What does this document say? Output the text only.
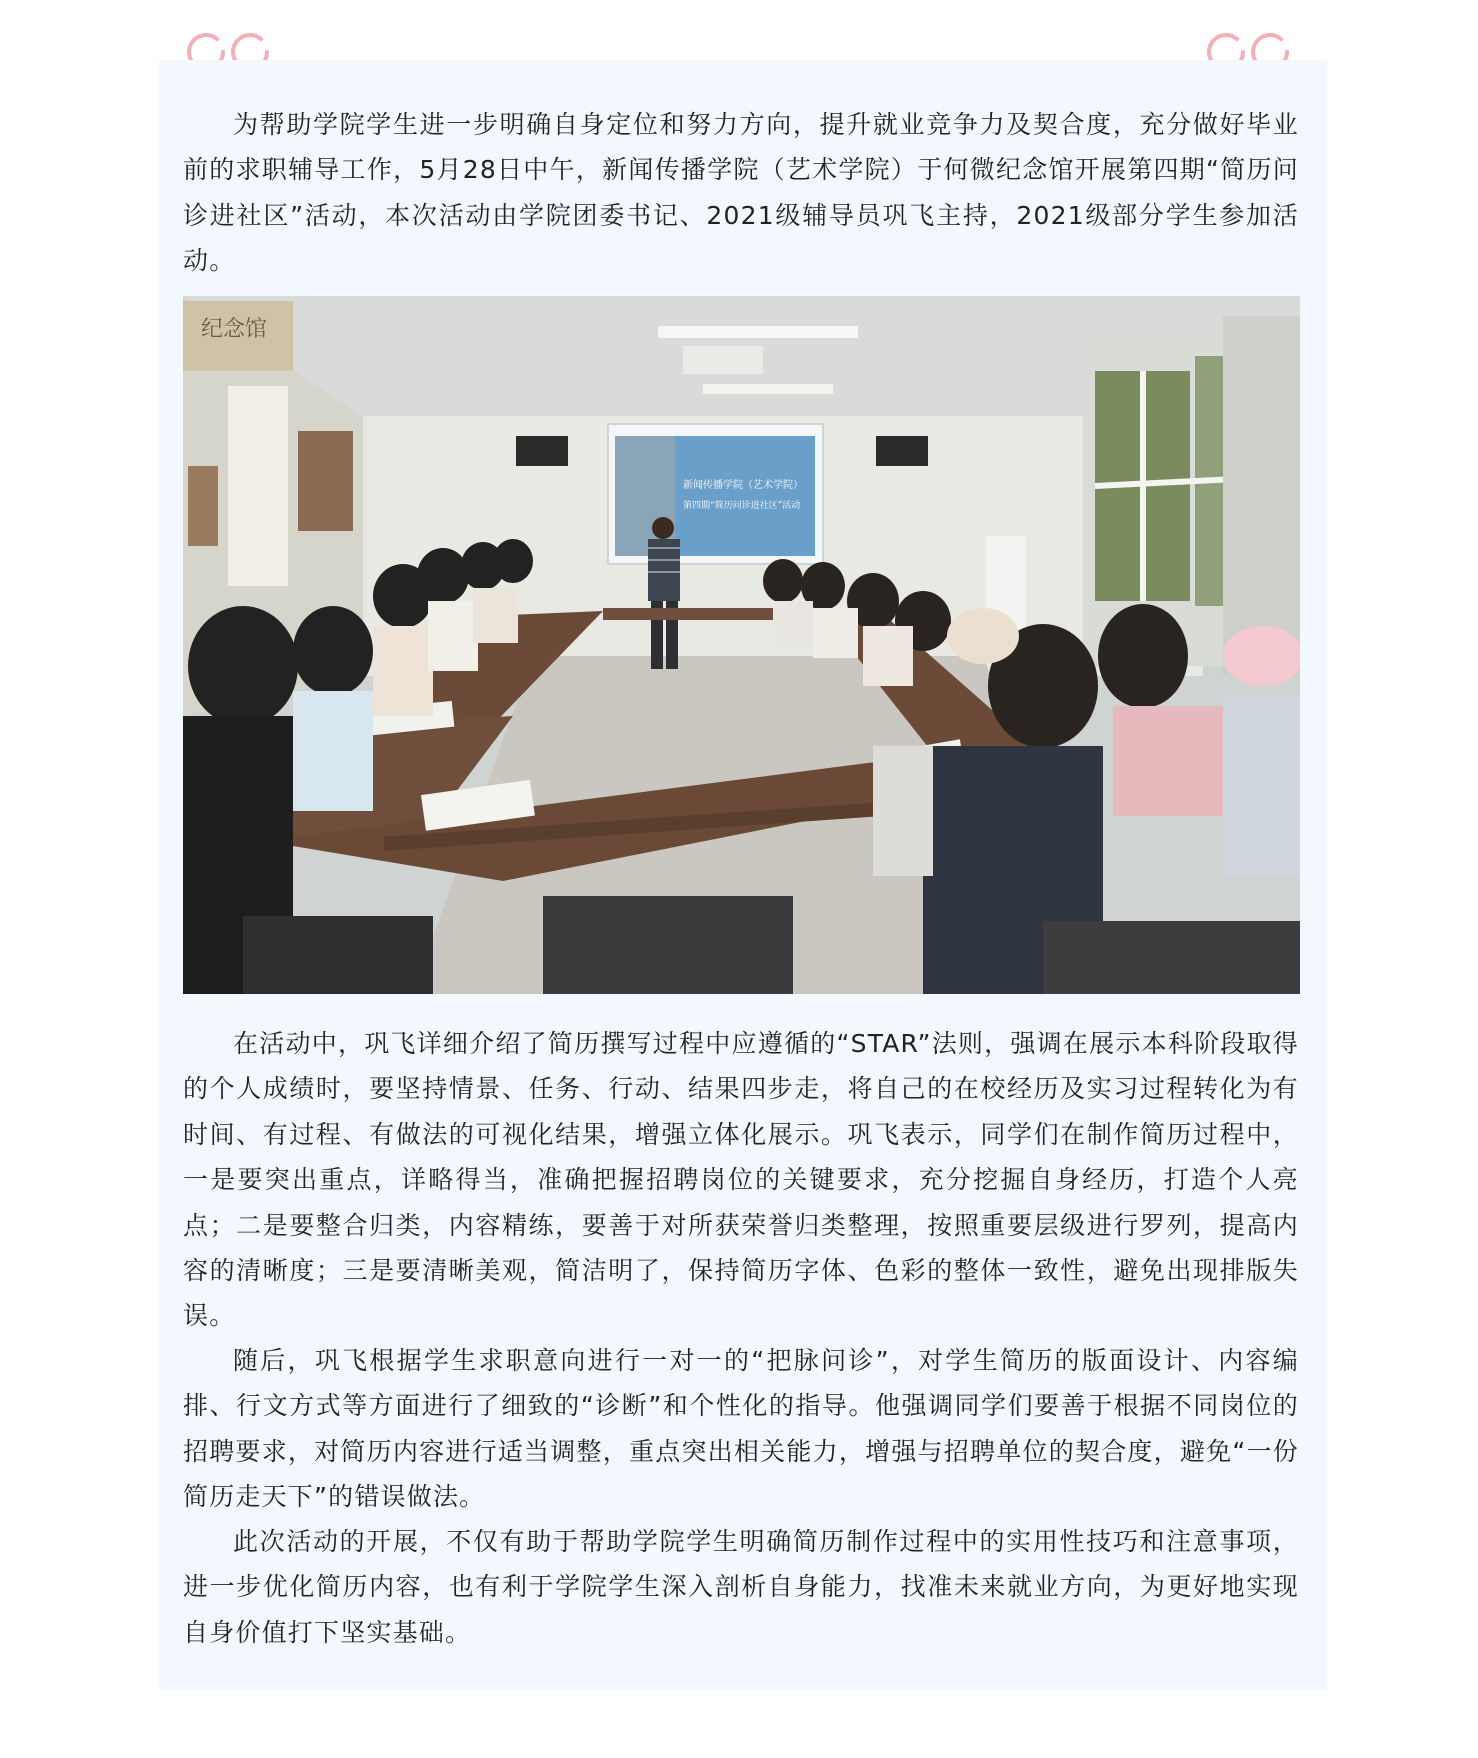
为帮助学院学生进一步明确自身定位和努力方向，提升就业竞争力及契合度，充分做好毕业前的求职辅导工作，5月28日中午，新闻传播学院（艺术学院）于何微纪念馆开展第四期“简历问诊进社区”活动，本次活动由学院团委书记、2021级辅导员巩飞主持，2021级部分学生参加活动。

纪念馆
新闻传播学院（艺术学院）
第四期“简历问诊进社区”活动

在活动中，巩飞详细介绍了简历撰写过程中应遵循的“STAR”法则，强调在展示本科阶段取得的个人成绩时，要坚持情景、任务、行动、结果四步走，将自己的在校经历及实习过程转化为有时间、有过程、有做法的可视化结果，增强立体化展示。巩飞表示，同学们在制作简历过程中，一是要突出重点，详略得当，准确把握招聘岗位的关键要求，充分挖掘自身经历，打造个人亮点；二是要整合归类，内容精练，要善于对所获荣誉归类整理，按照重要层级进行罗列，提高内容的清晰度；三是要清晰美观，简洁明了，保持简历字体、色彩的整体一致性，避免出现排版失误。

随后，巩飞根据学生求职意向进行一对一的“把脉问诊”，对学生简历的版面设计、内容编排、行文方式等方面进行了细致的“诊断”和个性化的指导。他强调同学们要善于根据不同岗位的招聘要求，对简历内容进行适当调整，重点突出相关能力，增强与招聘单位的契合度，避免“一份简历走天下”的错误做法。

此次活动的开展，不仅有助于帮助学院学生明确简历制作过程中的实用性技巧和注意事项，进一步优化简历内容，也有利于学院学生深入剖析自身能力，找准未来就业方向，为更好地实现自身价值打下坚实基础。
